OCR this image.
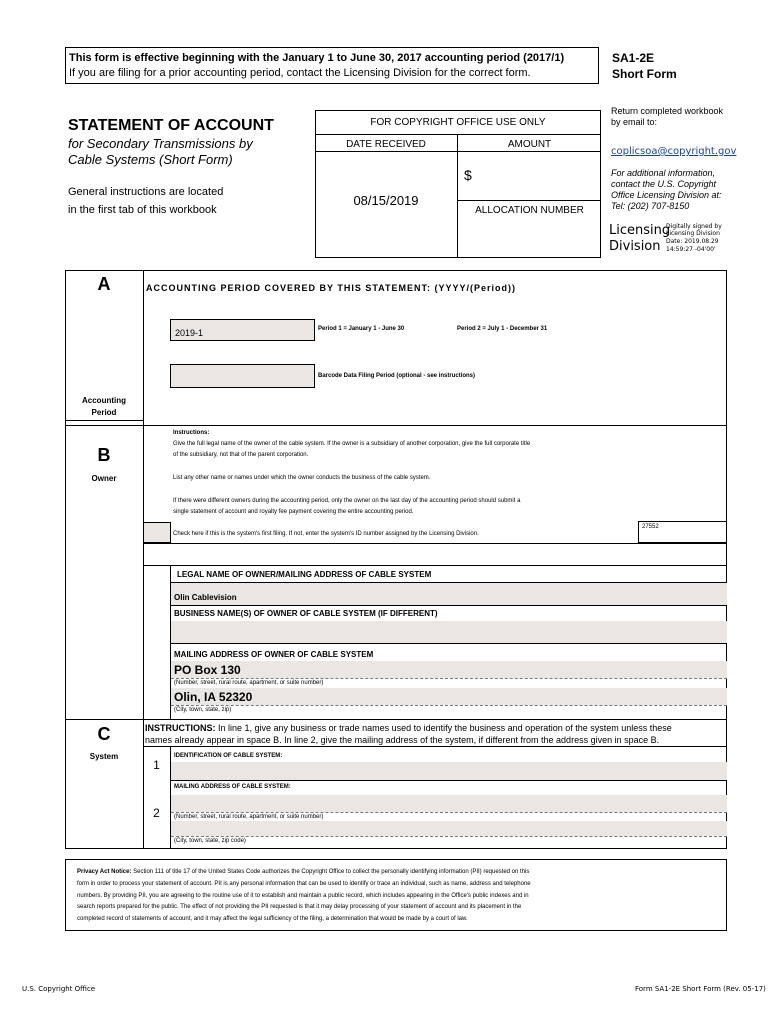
This form is effective beginning with the January 1 to June 30, 2017 accounting period (2017/1)
If you are filing for a prior accounting period, contact the Licensing Division for the correct form.
SA1-2E
Short Form
STATEMENT OF ACCOUNT
for Secondary Transmissions by
Cable Systems (Short Form)
General instructions are located
in the first tab of this workbook
FOR COPYRIGHT OFFICE USE ONLY
DATE RECEIVED	AMOUNT
$
08/15/2019
ALLOCATION NUMBER
Return completed workbook
by email to:
coplicsoa@copyright.gov
For additional information,
contact the U.S. Copyright
Office Licensing Division at:
Tel: (202) 707-8150
Licensing
Division
Digitally signed by
Licensing Division
Date: 2019.08.29
14:59:27 -04'00'
A	ACCOUNTING PERIOD COVERED BY THIS STATEMENT: (YYYY/(Period))
2019-1	Period 1 = January 1 - June 30	Period 2 = July 1 - December 31
Barcode Data Filing Period (optional - see instructions)
Accounting
Period
B
Owner
Instructions:
Give the full legal name of the owner of the cable system. If the owner is a subsidiary of another corporation, give the full corporate title
of the subsidiary, not that of the parent corporation.
List any other name or names under which the owner conducts the business of the cable system.
If there were different owners during the accounting period, only the owner on the last day of the accounting period should submit a
single statement of account and royalty fee payment covering the entire accounting period.
Check here if this is the system's first filing. If not, enter the system's ID number assigned by the Licensing Division.
27552
LEGAL NAME OF OWNER/MAILING ADDRESS OF CABLE SYSTEM
Olin Cablevision
BUSINESS NAME(S) OF OWNER OF CABLE SYSTEM (IF DIFFERENT)
MAILING ADDRESS OF OWNER OF CABLE SYSTEM
PO Box 130
(Number, street, rural route, apartment, or suite number)
Olin, IA 52320
(City, town, state, zip)
C
System
INSTRUCTIONS: In line 1, give any business or trade names used to identify the business and operation of the system unless these
names already appear in space B. In line 2, give the mailing address of the system, if different from the address given in space B.
1
IDENTIFICATION OF CABLE SYSTEM:
MAILING ADDRESS OF CABLE SYSTEM:
2	(Number, street, rural route, apartment, or suite number)
(City, town, state, zip code)
Privacy Act Notice: Section 111 of title 17 of the United States Code authorizes the Copyright Office to collect the personally identifying information (PII) requested on this
form in order to process your statement of account. PII is any personal information that can be used to identify or trace an individual, such as name, address and telephone
numbers. By providing PII, you are agreeing to the routine use of it to establish and maintain a public record, which includes appearing in the Office's public indexes and in
search reports prepared for the public. The effect of not providing the PII requested is that it may delay processing of your statement of account and its placement in the
completed record of statements of account, and it may affect the legal sufficiency of the filing, a determination that would be made by a court of law.
U.S. Copyright Office	Form SA1-2E Short Form (Rev. 05-17)
